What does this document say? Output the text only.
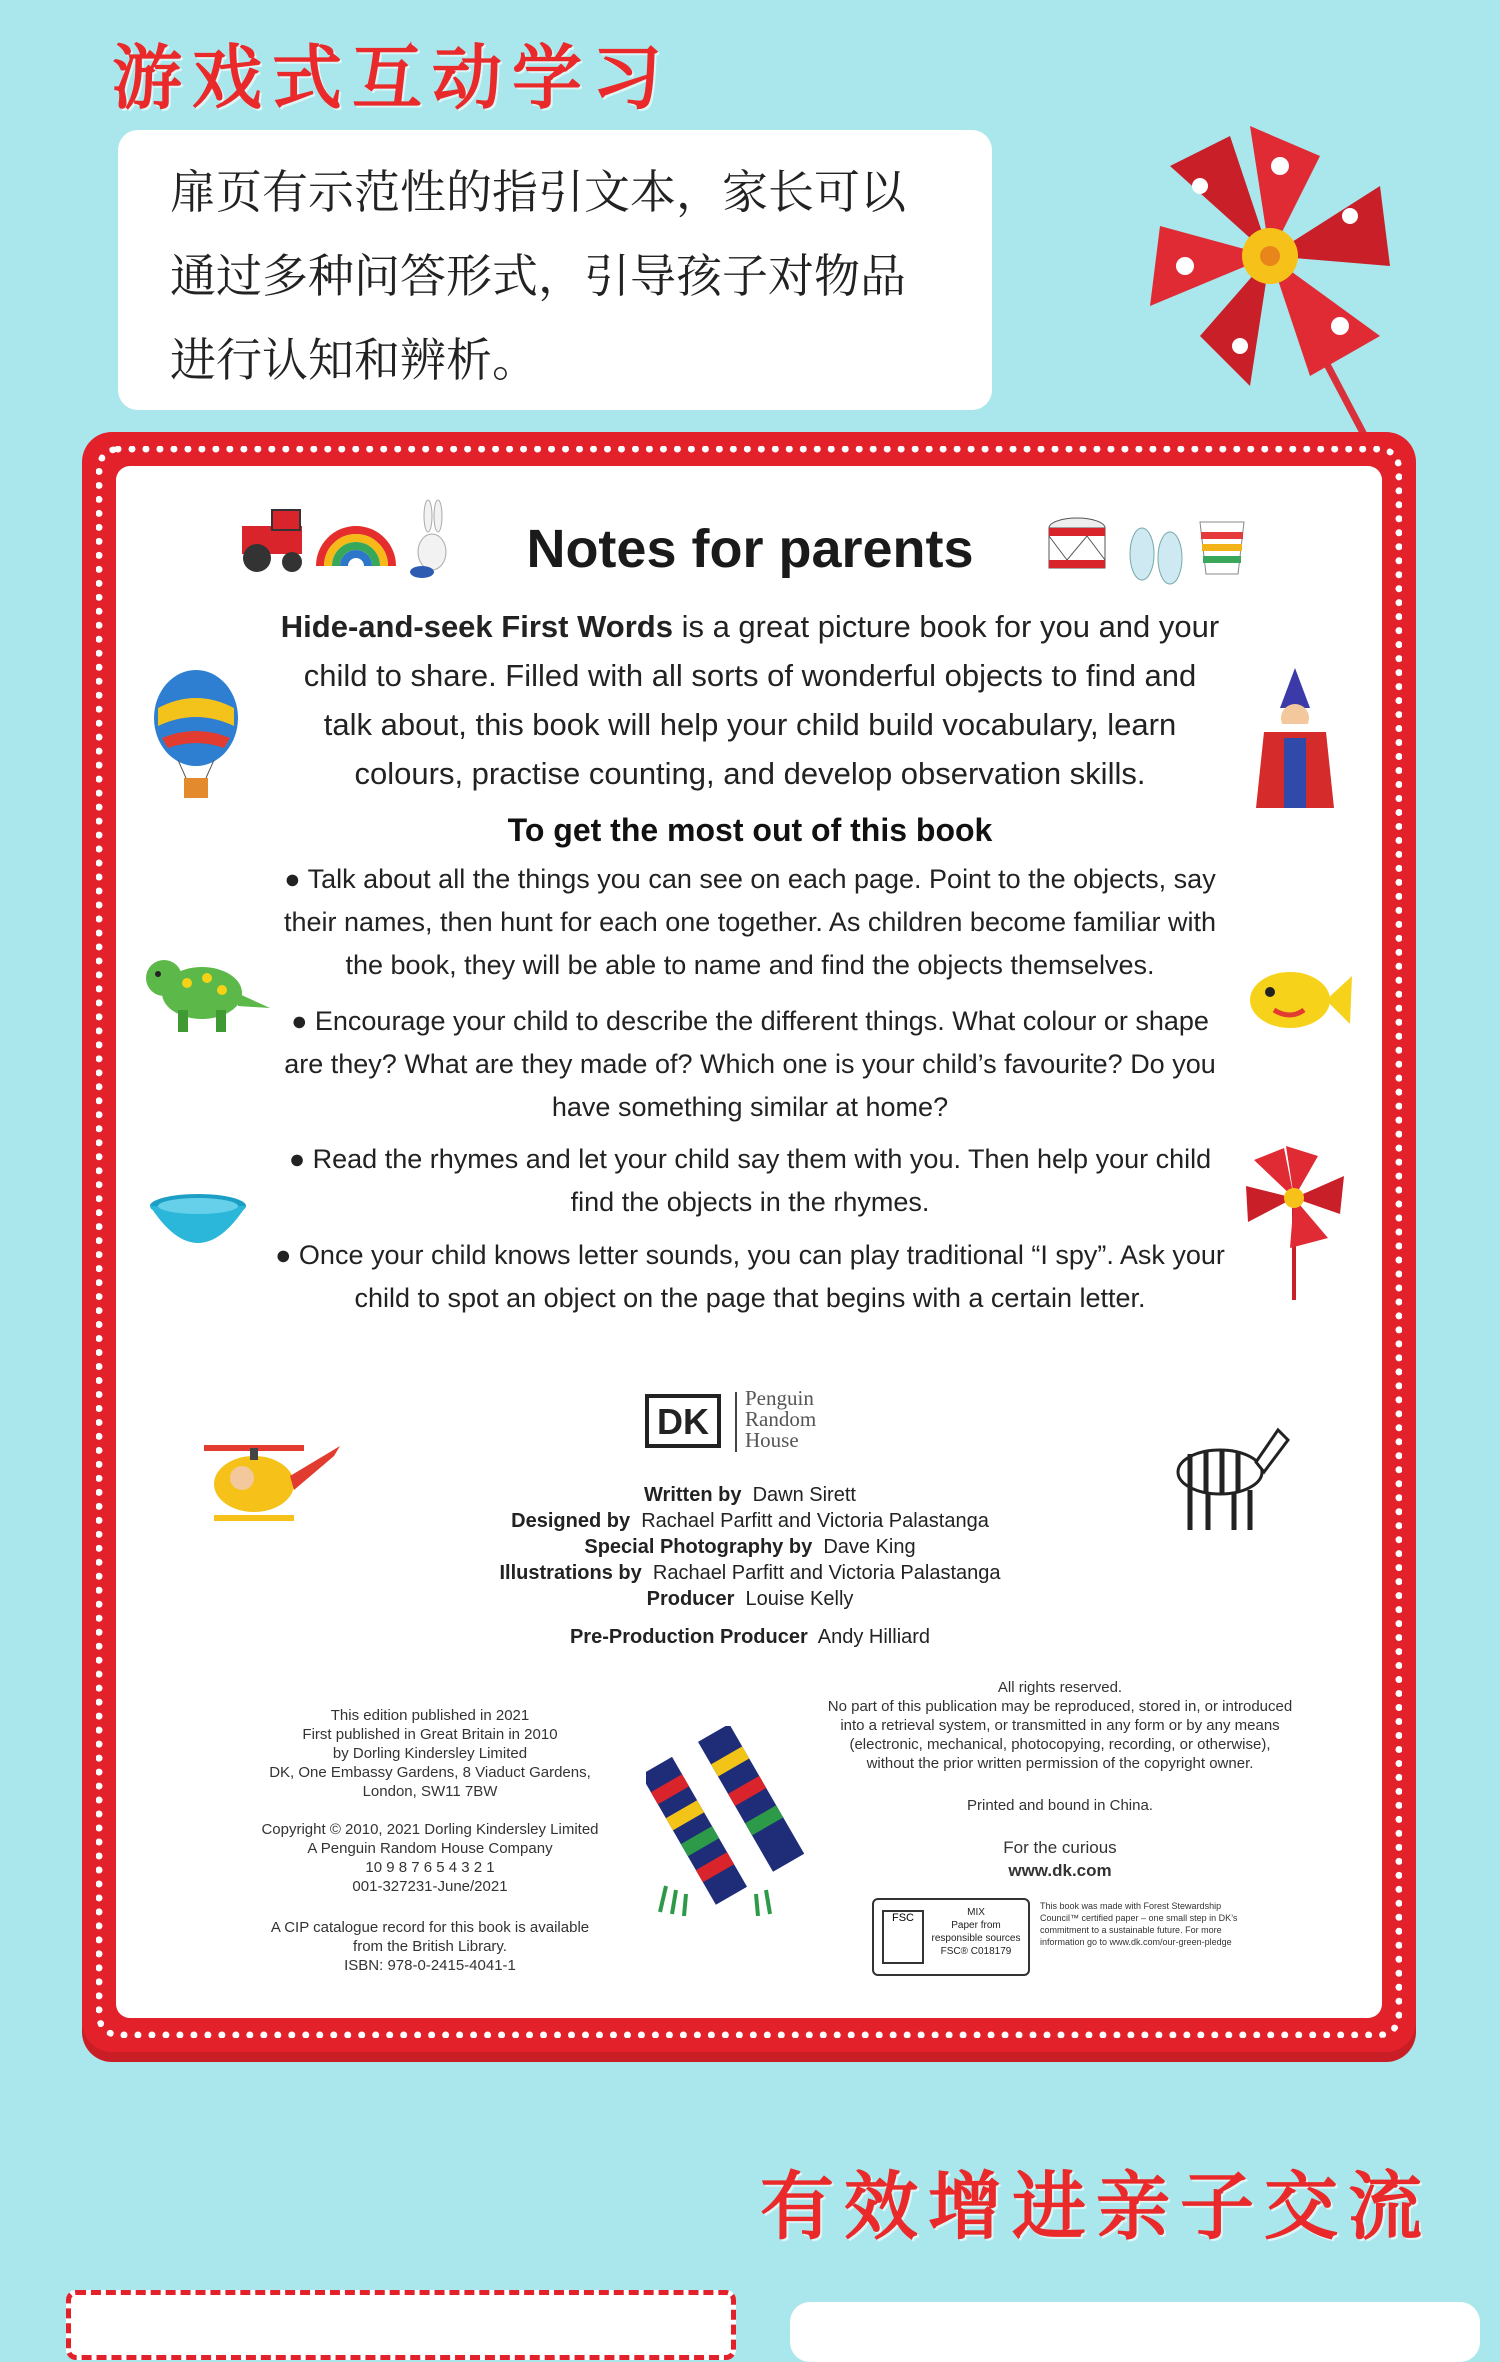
游戏式互动学习
扉页有示范性的指引文本，家长可以通过多种问答形式，引导孩子对物品进行认知和辨析。
Notes for parents
Hide-and-seek First Words is a great picture book for you and your child to share. Filled with all sorts of wonderful objects to find and talk about, this book will help your child build vocabulary, learn colours, practise counting, and develop observation skills.
To get the most out of this book
● Talk about all the things you can see on each page. Point to the objects, say their names, then hunt for each one together. As children become familiar with the book, they will be able to name and find the objects themselves.
● Encourage your child to describe the different things. What colour or shape are they? What are they made of? Which one is your child’s favourite? Do you have something similar at home?
● Read the rhymes and let your child say them with you. Then help your child find the objects in the rhymes.
● Once your child knows letter sounds, you can play traditional “I spy”. Ask your child to spot an object on the page that begins with a certain letter.
DK
Penguin
Random
House
Written by Dawn Sirett
Designed by Rachael Parfitt and Victoria Palastanga
Special Photography by Dave King
Illustrations by Rachael Parfitt and Victoria Palastanga
Producer Louise Kelly
Pre-Production Producer Andy Hilliard
This edition published in 2021
First published in Great Britain in 2010
by Dorling Kindersley Limited
DK, One Embassy Gardens, 8 Viaduct Gardens,
London, SW11 7BW
Copyright © 2010, 2021 Dorling Kindersley Limited
A Penguin Random House Company
10 9 8 7 6 5 4 3 2 1
001-327231-June/2021
A CIP catalogue record for this book is available
from the British Library.
ISBN: 978-0-2415-4041-1
All rights reserved.
No part of this publication may be reproduced, stored in, or introduced
into a retrieval system, or transmitted in any form or by any means
(electronic, mechanical, photocopying, recording, or otherwise),
without the prior written permission of the copyright owner.
Printed and bound in China.
For the curious
www.dk.com
FSC	MIX
Paper from
responsible sources
FSC® C018179
This book was made with Forest Stewardship Council™ certified paper – one small step in DK’s commitment to a sustainable future. For more information go to www.dk.com/our-green-pledge
有效增进亲子交流
